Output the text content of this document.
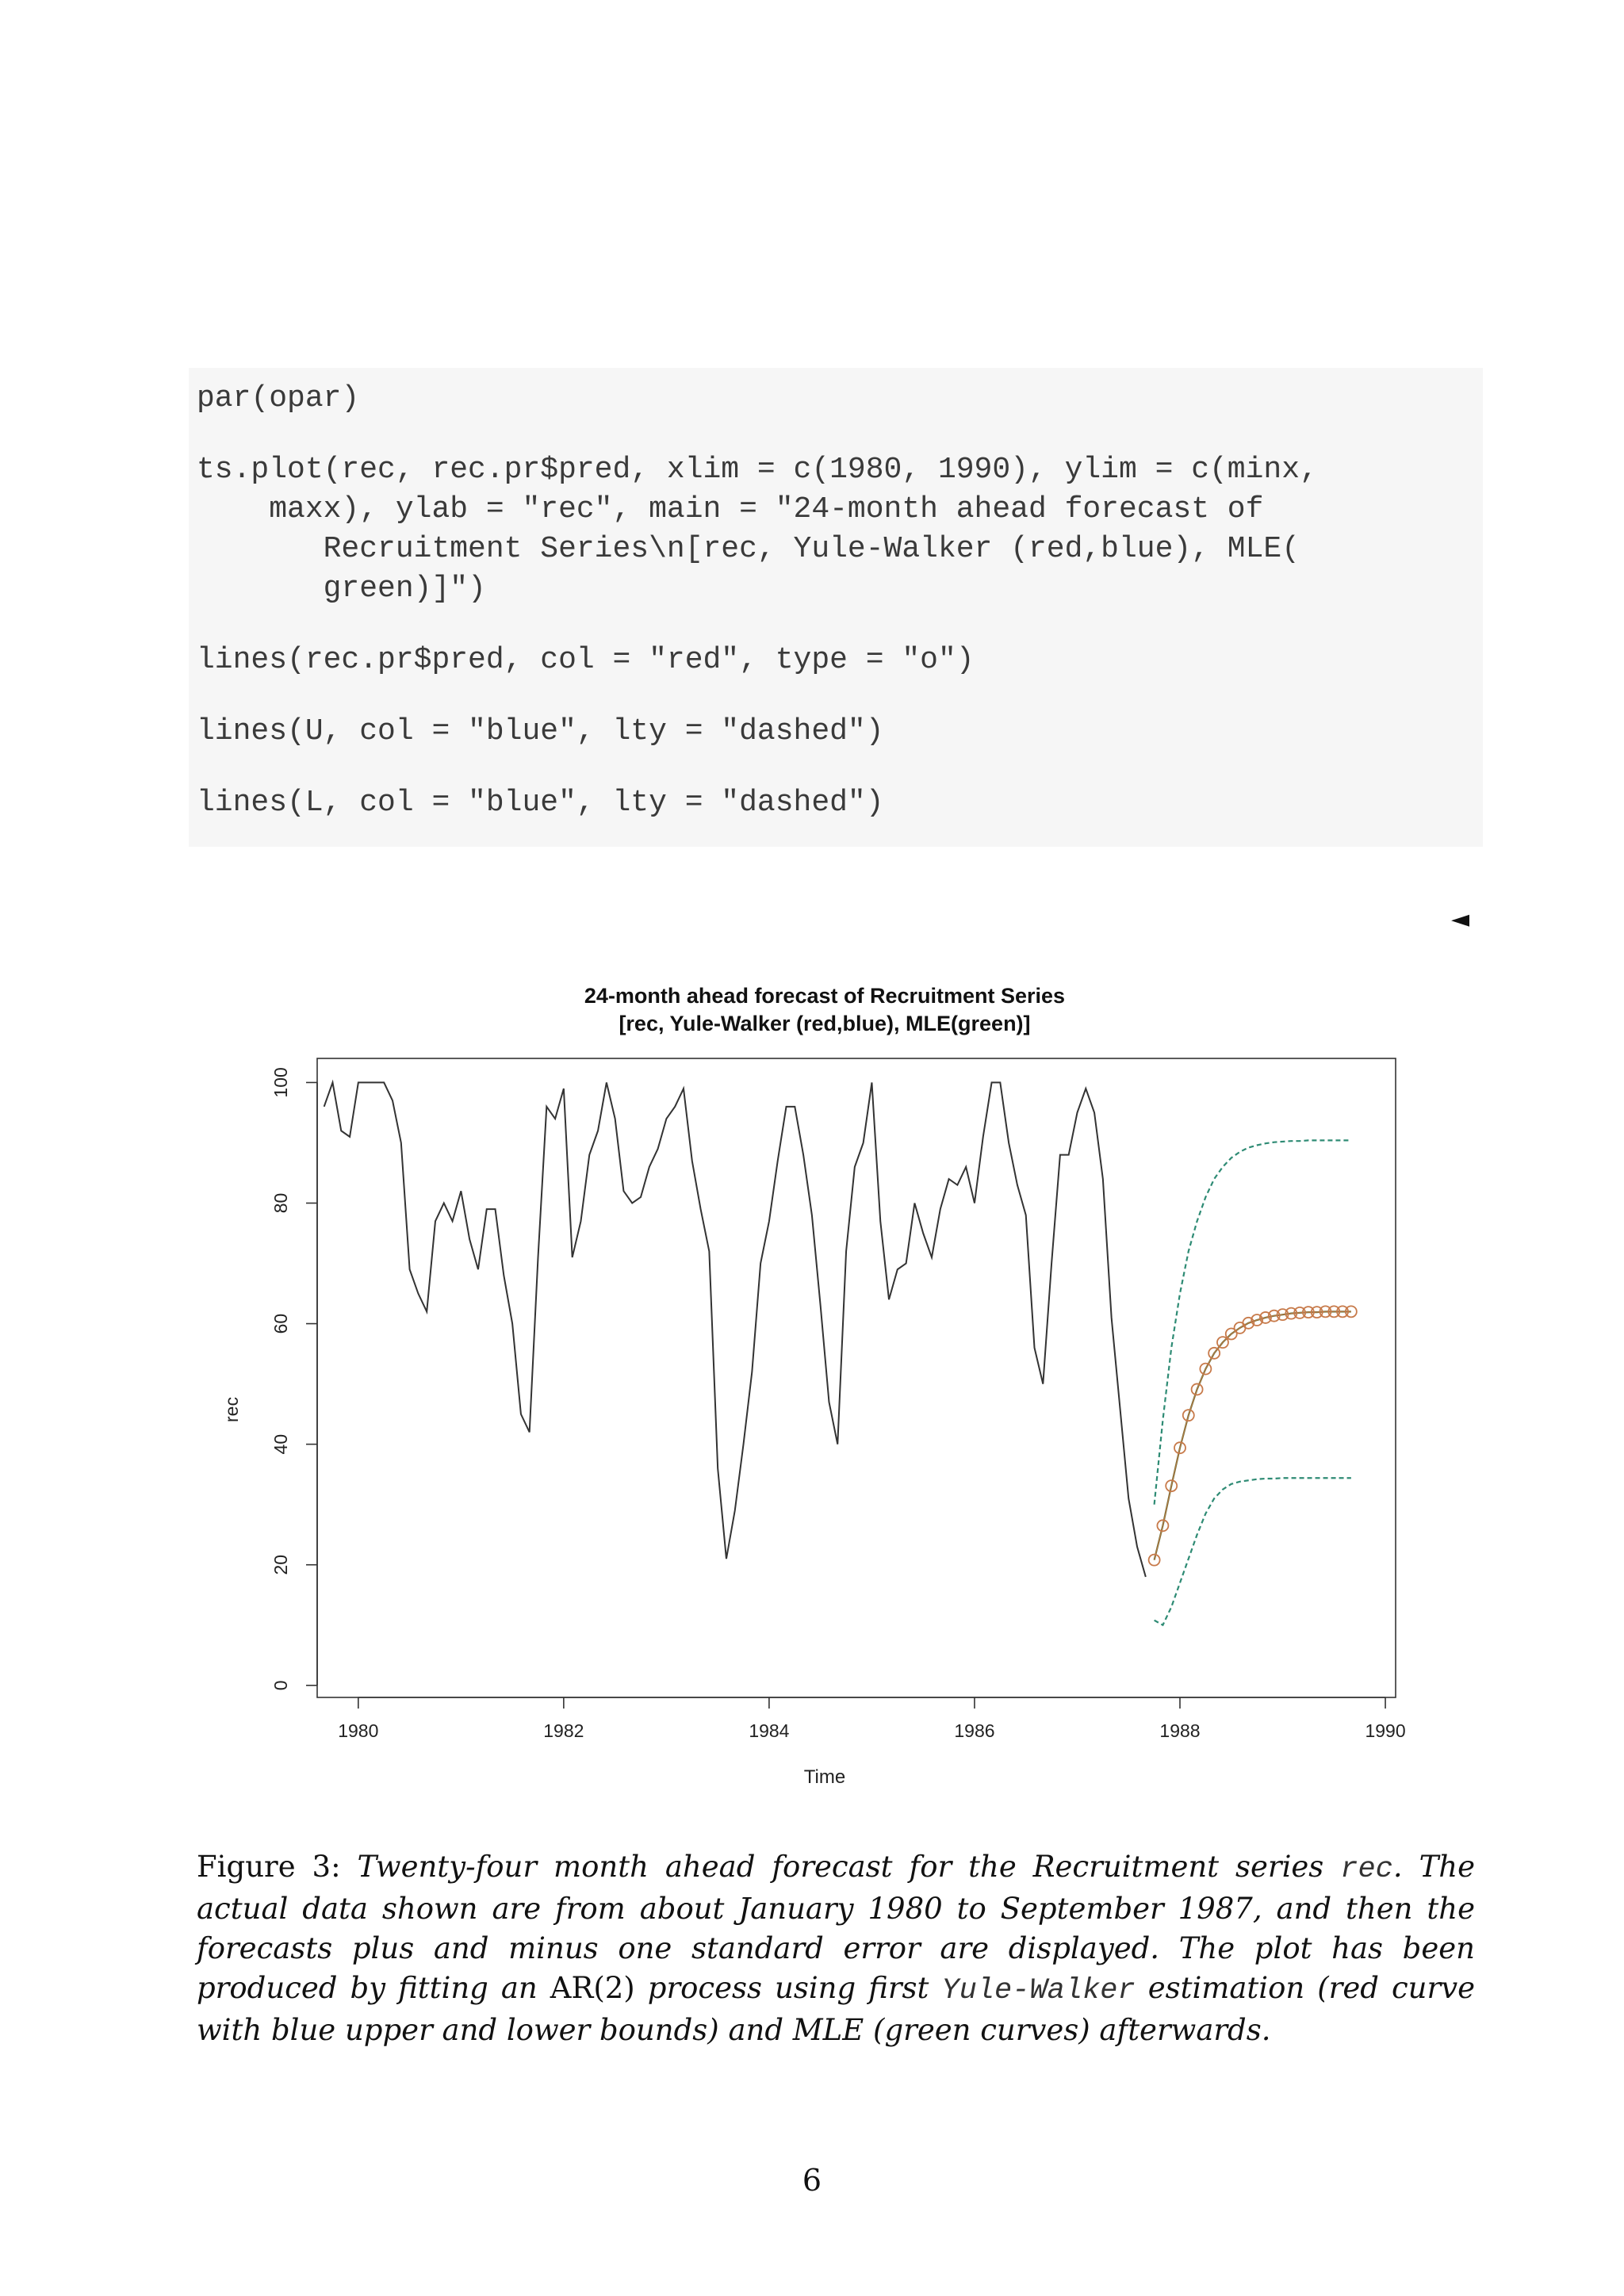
par(opar)
ts.plot(rec, rec.pr$pred, xlim = c(1980, 1990), ylim = c(minx,
maxx), ylab = "rec", main = "24-month ahead forecast of
Recruitment Series\n[rec, Yule-Walker (red,blue), MLE(
green)]")
lines(rec.pr$pred, col = "red", type = "o")
lines(U, col = "blue", lty = "dashed")
lines(L, col = "blue", lty = "dashed")
◄
24-month ahead forecast of Recruitment Series
[rec, Yule-Walker (red,blue), MLE(green)]
1980	1982	1984	1986	1988	1990
Time
0
20
40
60
80
100
rec
Figure 3: Twenty-four month ahead forecast for the Recruitment series rec. The actual data shown are from about January 1980 to September 1987, and then the forecasts plus and minus one standard error are displayed. The plot has been produced by fitting an AR(2) process using first Yule-Walker estimation (red curve with blue upper and lower bounds) and MLE (green curves) afterwards.
6
